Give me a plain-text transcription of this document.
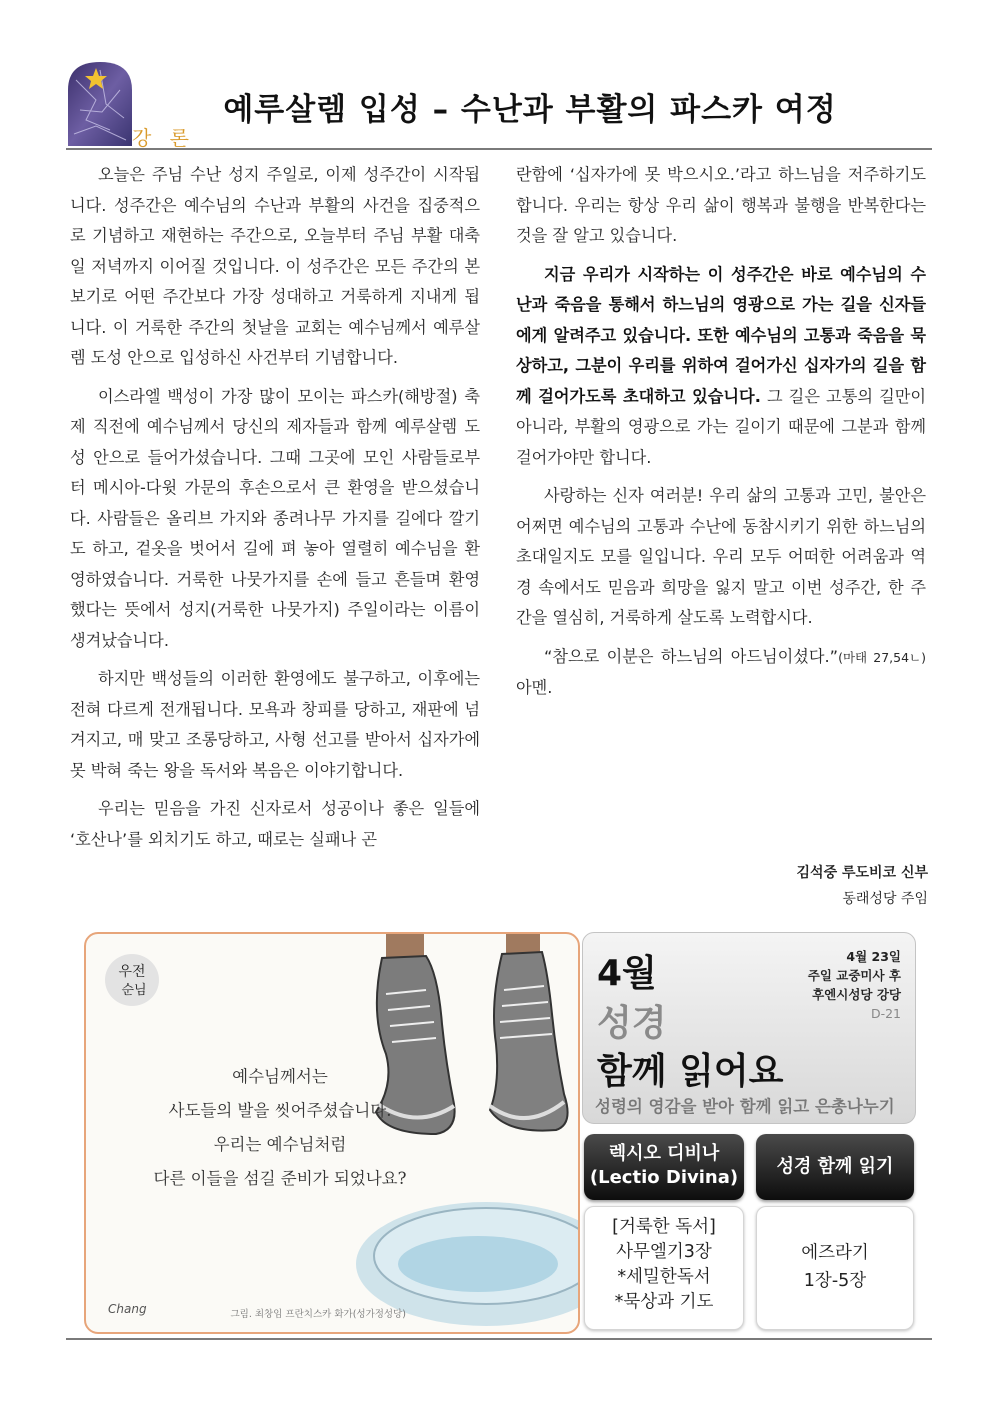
강 론
예루살렘 입성 – 수난과 부활의 파스카 여정

오늘은 주님 수난 성지 주일로, 이제 성주간이 시작됩니다. 성주간은 예수님의 수난과 부활의 사건을 집중적으로 기념하고 재현하는 주간으로, 오늘부터 주님 부활 대축일 저녁까지 이어질 것입니다. 이 성주간은 모든 주간의 본보기로 어떤 주간보다 가장 성대하고 거룩하게 지내게 됩니다. 이 거룩한 주간의 첫날을 교회는 예수님께서 예루살렘 도성 안으로 입성하신 사건부터 기념합니다.

이스라엘 백성이 가장 많이 모이는 파스카(해방절) 축제 직전에 예수님께서 당신의 제자들과 함께 예루살렘 도성 안으로 들어가셨습니다. 그때 그곳에 모인 사람들로부터 메시아-다윗 가문의 후손으로서 큰 환영을 받으셨습니다. 사람들은 올리브 가지와 종려나무 가지를 길에다 깔기도 하고, 겉옷을 벗어서 길에 펴 놓아 열렬히 예수님을 환영하였습니다. 거룩한 나뭇가지를 손에 들고 흔들며 환영했다는 뜻에서 성지(거룩한 나뭇가지) 주일이라는 이름이 생겨났습니다.

하지만 백성들의 이러한 환영에도 불구하고, 이후에는 전혀 다르게 전개됩니다. 모욕과 창피를 당하고, 재판에 넘겨지고, 매 맞고 조롱당하고, 사형 선고를 받아서 십자가에 못 박혀 죽는 왕을 독서와 복음은 이야기합니다.

우리는 믿음을 가진 신자로서 성공이나 좋은 일들에 ‘호산나’를 외치기도 하고, 때로는 실패나 곤

란함에 ‘십자가에 못 박으시오.’라고 하느님을 저주하기도 합니다. 우리는 항상 우리 삶이 행복과 불행을 반복한다는 것을 잘 알고 있습니다.

지금 우리가 시작하는 이 성주간은 바로 예수님의 수난과 죽음을 통해서 하느님의 영광으로 가는 길을 신자들에게 알려주고 있습니다. 또한 예수님의 고통과 죽음을 묵상하고, 그분이 우리를 위하여 걸어가신 십자가의 길을 함께 걸어가도록 초대하고 있습니다. 그 길은 고통의 길만이 아니라, 부활의 영광으로 가는 길이기 때문에 그분과 함께 걸어가야만 합니다.

사랑하는 신자 여러분! 우리 삶의 고통과 고민, 불안은 어쩌면 예수님의 고통과 수난에 동참시키기 위한 하느님의 초대일지도 모를 일입니다. 우리 모두 어떠한 어려움과 역경 속에서도 믿음과 희망을 잃지 말고 이번 성주간, 한 주간을 열심히, 거룩하게 살도록 노력합시다.

“참으로 이분은 하느님의 아드님이셨다.”(마태 27,54ㄴ) 아멘.

김석중 루도비코 신부
동래성당 주임
우전
순님
예수님께서는
사도들의 발을 씻어주셨습니다.
우리는 예수님처럼
다른 이들을 섬길 준비가 되었나요?
Chang	그림. 최창임 프란치스카 화가(성가정성당)
4월	4월 23일
주일 교중미사 후
후엔시성당 강당
D-21
성경
함께 읽어요
성령의 영감을 받아 함께 읽고 은총나누기
렉시오 디비나
(Lectio Divina)
성경 함께 읽기
[거룩한 독서]
사무엘기3장
*세밀한독서
*묵상과 기도
에즈라기
1장-5장
